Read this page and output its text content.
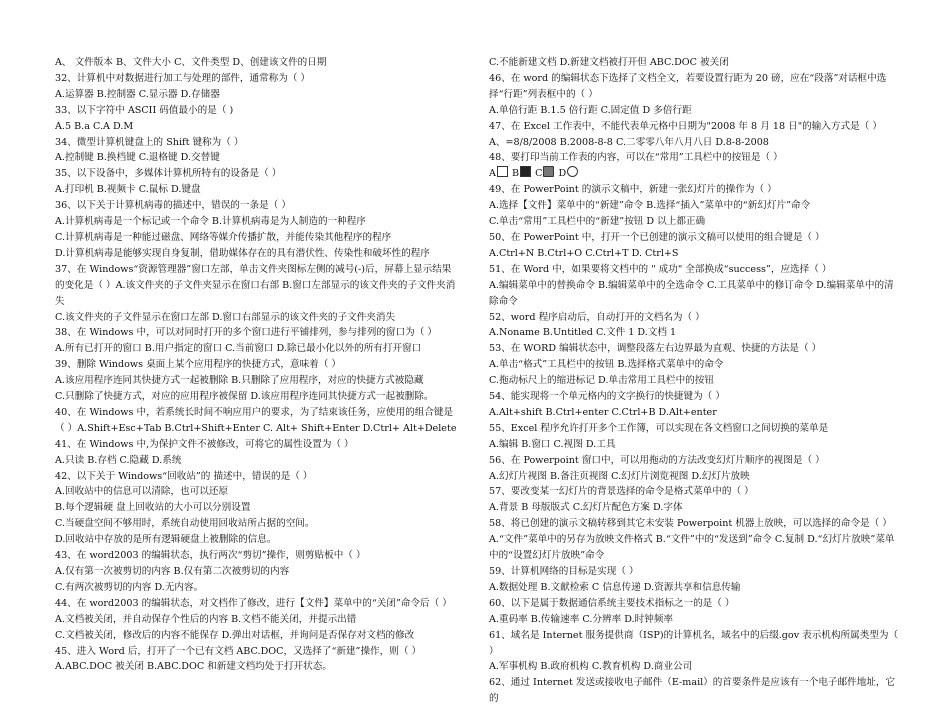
A、 文件版本 B、文件大小 C、文件类型 D、创建该文件的日期
32、计算机中对数据进行加工与处理的部件，通常称为（ ）
A.运算器 B.控制器 C.显示器 D.存储器
33、以下字符中 ASCII 码值最小的是（ )
A.5 B.a C.A D.M
34、微型计算机键盘上的 Shift 键称为（ ）
A.控制键 B.换档键 C.退格键 D.交替键
35、以下设备中，多媒体计算机所特有的设备是（ ）
A.打印机 B.视频卡 C.鼠标 D.键盘
36、以下关于计算机病毒的描述中，错误的一条是（ ）
A.计算机病毒是一个标记或一个命令 B.计算机病毒是为人制造的一种程序
C.计算机病毒是一种能过磁盘、网络等媒介传播扩散，并能传染其他程序的程序
D.计算机病毒是能够实现自身复制，借助媒体存在的具有潜伏性、传染性和破坏性的程序
37、在 Windows“资源管理器”窗口左部，单击文件夹图标左侧的减号(-)后，屏幕上显示结果的变化是（ ）A.该文件夹的子文件夹显示在窗口右部 B.窗口左部显示的该文件夹的子文件夹消失
C.该文件夹的子文件显示在窗口左部 D.窗口右部显示的该文件夹的子文件夹消失
38、在 Windows 中，可以对同时打开的多个窗口进行平铺排列，参与排列的窗口为（ ）
A.所有已打开的窗口 B.用户指定的窗口 C.当前窗口 D.除已最小化以外的所有打开窗口
39、删除 Windows 桌面上某个应用程序的快捷方式，意味着（ ）
A.该应用程序连同其快捷方式一起被删除 B.只删除了应用程序，对应的快捷方式被隐藏
C.只删除了快捷方式，对应的应用程序被保留 D.该应用程序连同其快捷方式一起被删除。
40、在 Windows 中，若系统长时间不响应用户的要求，为了结束该任务，应使用的组合键是（ ）A.Shift+Esc+Tab B.Ctrl+Shift+Enter C. Alt+ Shift+Enter D.Ctrl+ Alt+Delete
41、在 Windows 中,为保护文件不被修改，可将它的属性设置为（ ）
A.只读 B.存档 C.隐藏 D.系统
42、以下关于 Windows“回收站”的 描述中，错误的是（ ）
A.回收站中的信息可以清除，也可以还原
B.每个逻辑硬 盘上回收站的大小可以分别设置
C.当硬盘空间不够用时，系统自动使用回收站所占据的空间。
D.回收站中存放的是所有逻辑硬盘上被删除的信息。
43、在 word2003 的编辑状态，执行两次“剪切”操作，则剪贴板中（ ）
A.仅有第一次被剪切的内容 B.仅有第二次被剪切的内容
C.有两次被剪切的内容 D.无内容。
44、在 word2003 的编辑状态，对文档作了修改，进行【文件】菜单中的“关闭”命令后（ ）
A.文档被关闭，并自动保存个性后的内容 B.文档不能关闭，并提示出错
C.文档被关闭，修改后的内容不能保存 D.弹出对话框，并询问是否保存对文档的修改
45、进入 Word 后，打开了一个已有文档 ABC.DOC，又选择了“新建”操作，则（ ）
A.ABC.DOC 被关闭 B.ABC.DOC 和新建文档均处于打开状态。
C.不能新建文档 D.新建文档被打开但 ABC.DOC 被关闭
46、在 word 的编辑状态下选择了文档全文，若要设置行距为 20 磅，应在“段落”对话框中选择“行距”列表框中的（ ）
A.单倍行距 B.1.5 倍行距 C.固定值 D 多倍行距
47、在 Excel 工作表中，不能代表单元格中日期为"2008 年 8 月 18 日"的输入方式是（ ）
A、=8/8/2008 B.2008-8-8 C.二零零八年八月八日 D.8-8-2008
48、要打印当前工作表的内容，可以在“常用”工具栏中的按钮是（ ）
A B C D
49、在 PowerPoint 的演示文稿中，新建一张幻灯片的操作为（ ）
A.选择【文件】菜单中的“新建”命令 B.选择“插入”菜单中的“新幻灯片”命令
C.单击“常用”工具栏中的“新建”按钮 D 以上都正确
50、在 PowerPoint 中，打开一个已创建的演示文稿可以使用的组合键是（ ）
A.Ctrl+N B.Ctrl+O C.Ctrl+T D. Ctrl+S
51、在 Word 中，如果要将文档中的 " 成功" 全部换成“success”，应选择（ ）
A.编辑菜单中的替换命令 B.编辑菜单中的全选命令 C.工具菜单中的修订命令 D.编辑菜单中的清除命令
52、word 程序启动后，自动打开的文档名为（ ）
A.Noname B.Untitled C.文件 1 D.文档 1
53、在 WORD 编辑状态中，调整段落左右边界最为直观、快捷的方法是（ ）
A.单击“格式”工具栏中的按钮 B.选择格式菜单中的命令
C.拖动标尺上的缩进标记 D.单击常用工具栏中的按钮
54、能实现将一个单元格内的文字换行的快捷键为（ ）
A.Alt+shift B.Ctrl+enter C.Ctrl+B D.Alt+enter
55、Excel 程序允许打开多个工作簿，可以实现在各文档窗口之间切换的菜单是
A.编辑 B.窗口 C.视图 D.工具
56、在 Powerpoint 窗口中，可以用拖动的方法改变幻灯片顺序的视图是（ ）
A.幻灯片视图 B.备注页视图 C.幻灯片浏览视图 D.幻灯片放映
57、要改变某一幻灯片的背景选择的命令是格式菜单中的（ ）
A.背景 B 母版版式 C.幻灯片配色方案 D.字体
58、将已创建的演示文稿转移到其它未安装 Powerpoint 机器上放映，可以选择的命令是（ ）
A.“文件”菜单中的另存为放映文件格式 B.“文件”中的“发送到”命令 C.复制 D.“幻灯片放映”菜单中的“设置幻灯片放映”命令
59、计算机网络的目标是实现（ ）
A.数据处理 B.文献检索 C 信息传递 D.资源共享和信息传输
60、以下是属于数据通信系统主要技术指标之一的是（ ）
A.重码率 B.传输速率 C.分辨率 D.时钟频率
61、域名是 Internet 服务提供商（ISP)的计算机名，域名中的后缀.gov 表示机构所属类型为（ ）
A.军事机构 B.政府机构 C.教育机构 D.商业公司
62、通过 Internet 发送或接收电子邮件（E-mail）的首要条件是应该有一个电子邮件地址，它的
